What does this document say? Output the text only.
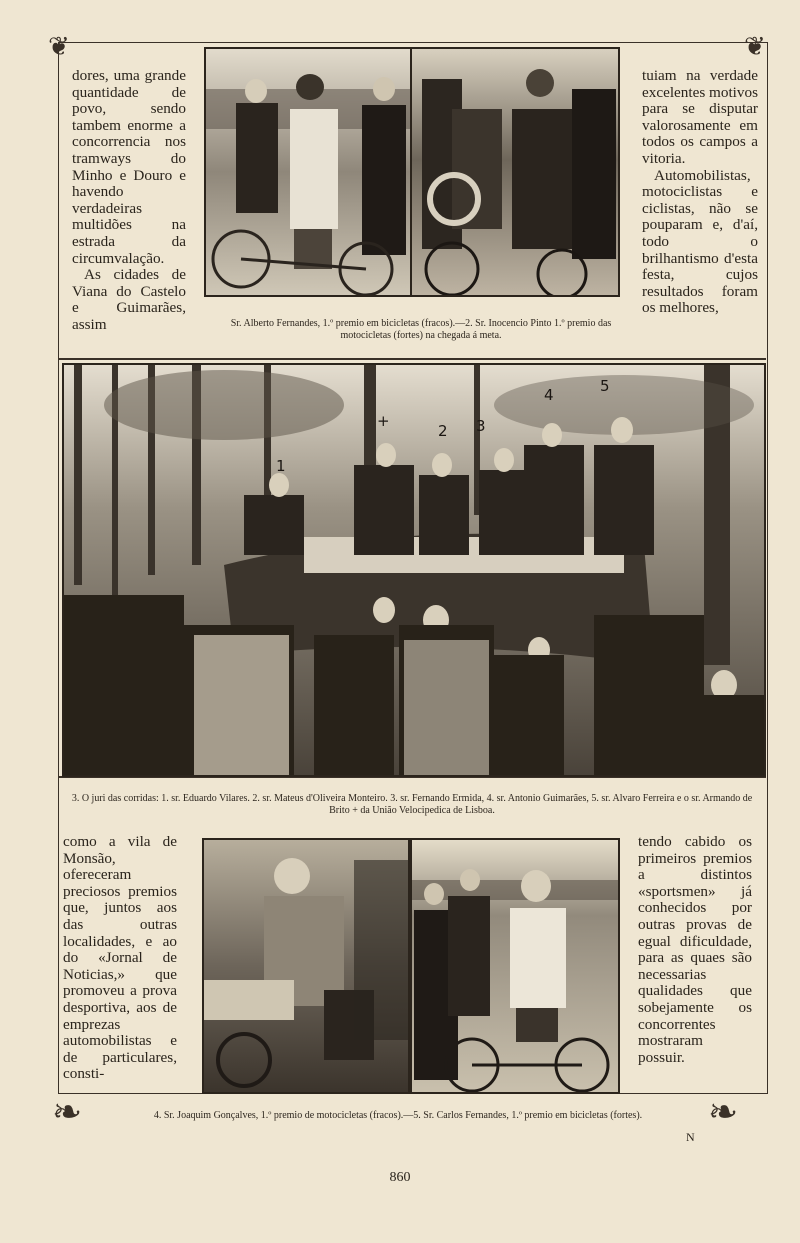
❦	❦
❧	❧

dores, uma grande quantidade de povo, sendo tambem enorme a concorrencia nos tramways do Minho e Douro e havendo verdadeiras multidões na estrada da circumvalação.

As cidades de Viana do Castelo e Guimarães, assim

tuiam na verdade excelentes motivos para se disputar valorosamente em todos os campos a vitoria.

Automobilistas, motociclistas e ciclistas, não se pouparam e, d'aí, todo o brilhantismo d'esta festa, cujos resultados foram os melhores,

Sr. Alberto Fernandes, 1.º premio em bicicletas (fracos).—2. Sr. Inocencio Pinto 1.º premio das motocicletas (fortes) na chegada á meta.
1
+
2 3
4	5
3. O juri das corridas: 1. sr. Eduardo Vilares. 2. sr. Mateus d'Oliveira Monteiro. 3. sr. Fernando Ermida, 4. sr. Antonio Guimarães, 5. sr. Alvaro Ferreira e o sr. Armando de Brito + da União Velocipedica de Lisboa.

como a vila de Monsão, ofereceram preciosos premios que, juntos aos das outras localidades, e ao do «Jornal de Noticias,» que promoveu a prova desportiva, aos de emprezas automobilistas e de particulares, consti-

tendo cabido os primeiros premios a distintos «sportsmen» já conhecidos por outras provas de egual dificuldade, para as quaes são necessarias qualidades que sobejamente os concorrentes mostraram possuir.

4. Sr. Joaquim Gonçalves, 1.º premio de motocicletas (fracos).—5. Sr. Carlos Fernandes, 1.º premio em bicicletas (fortes).
N
860
